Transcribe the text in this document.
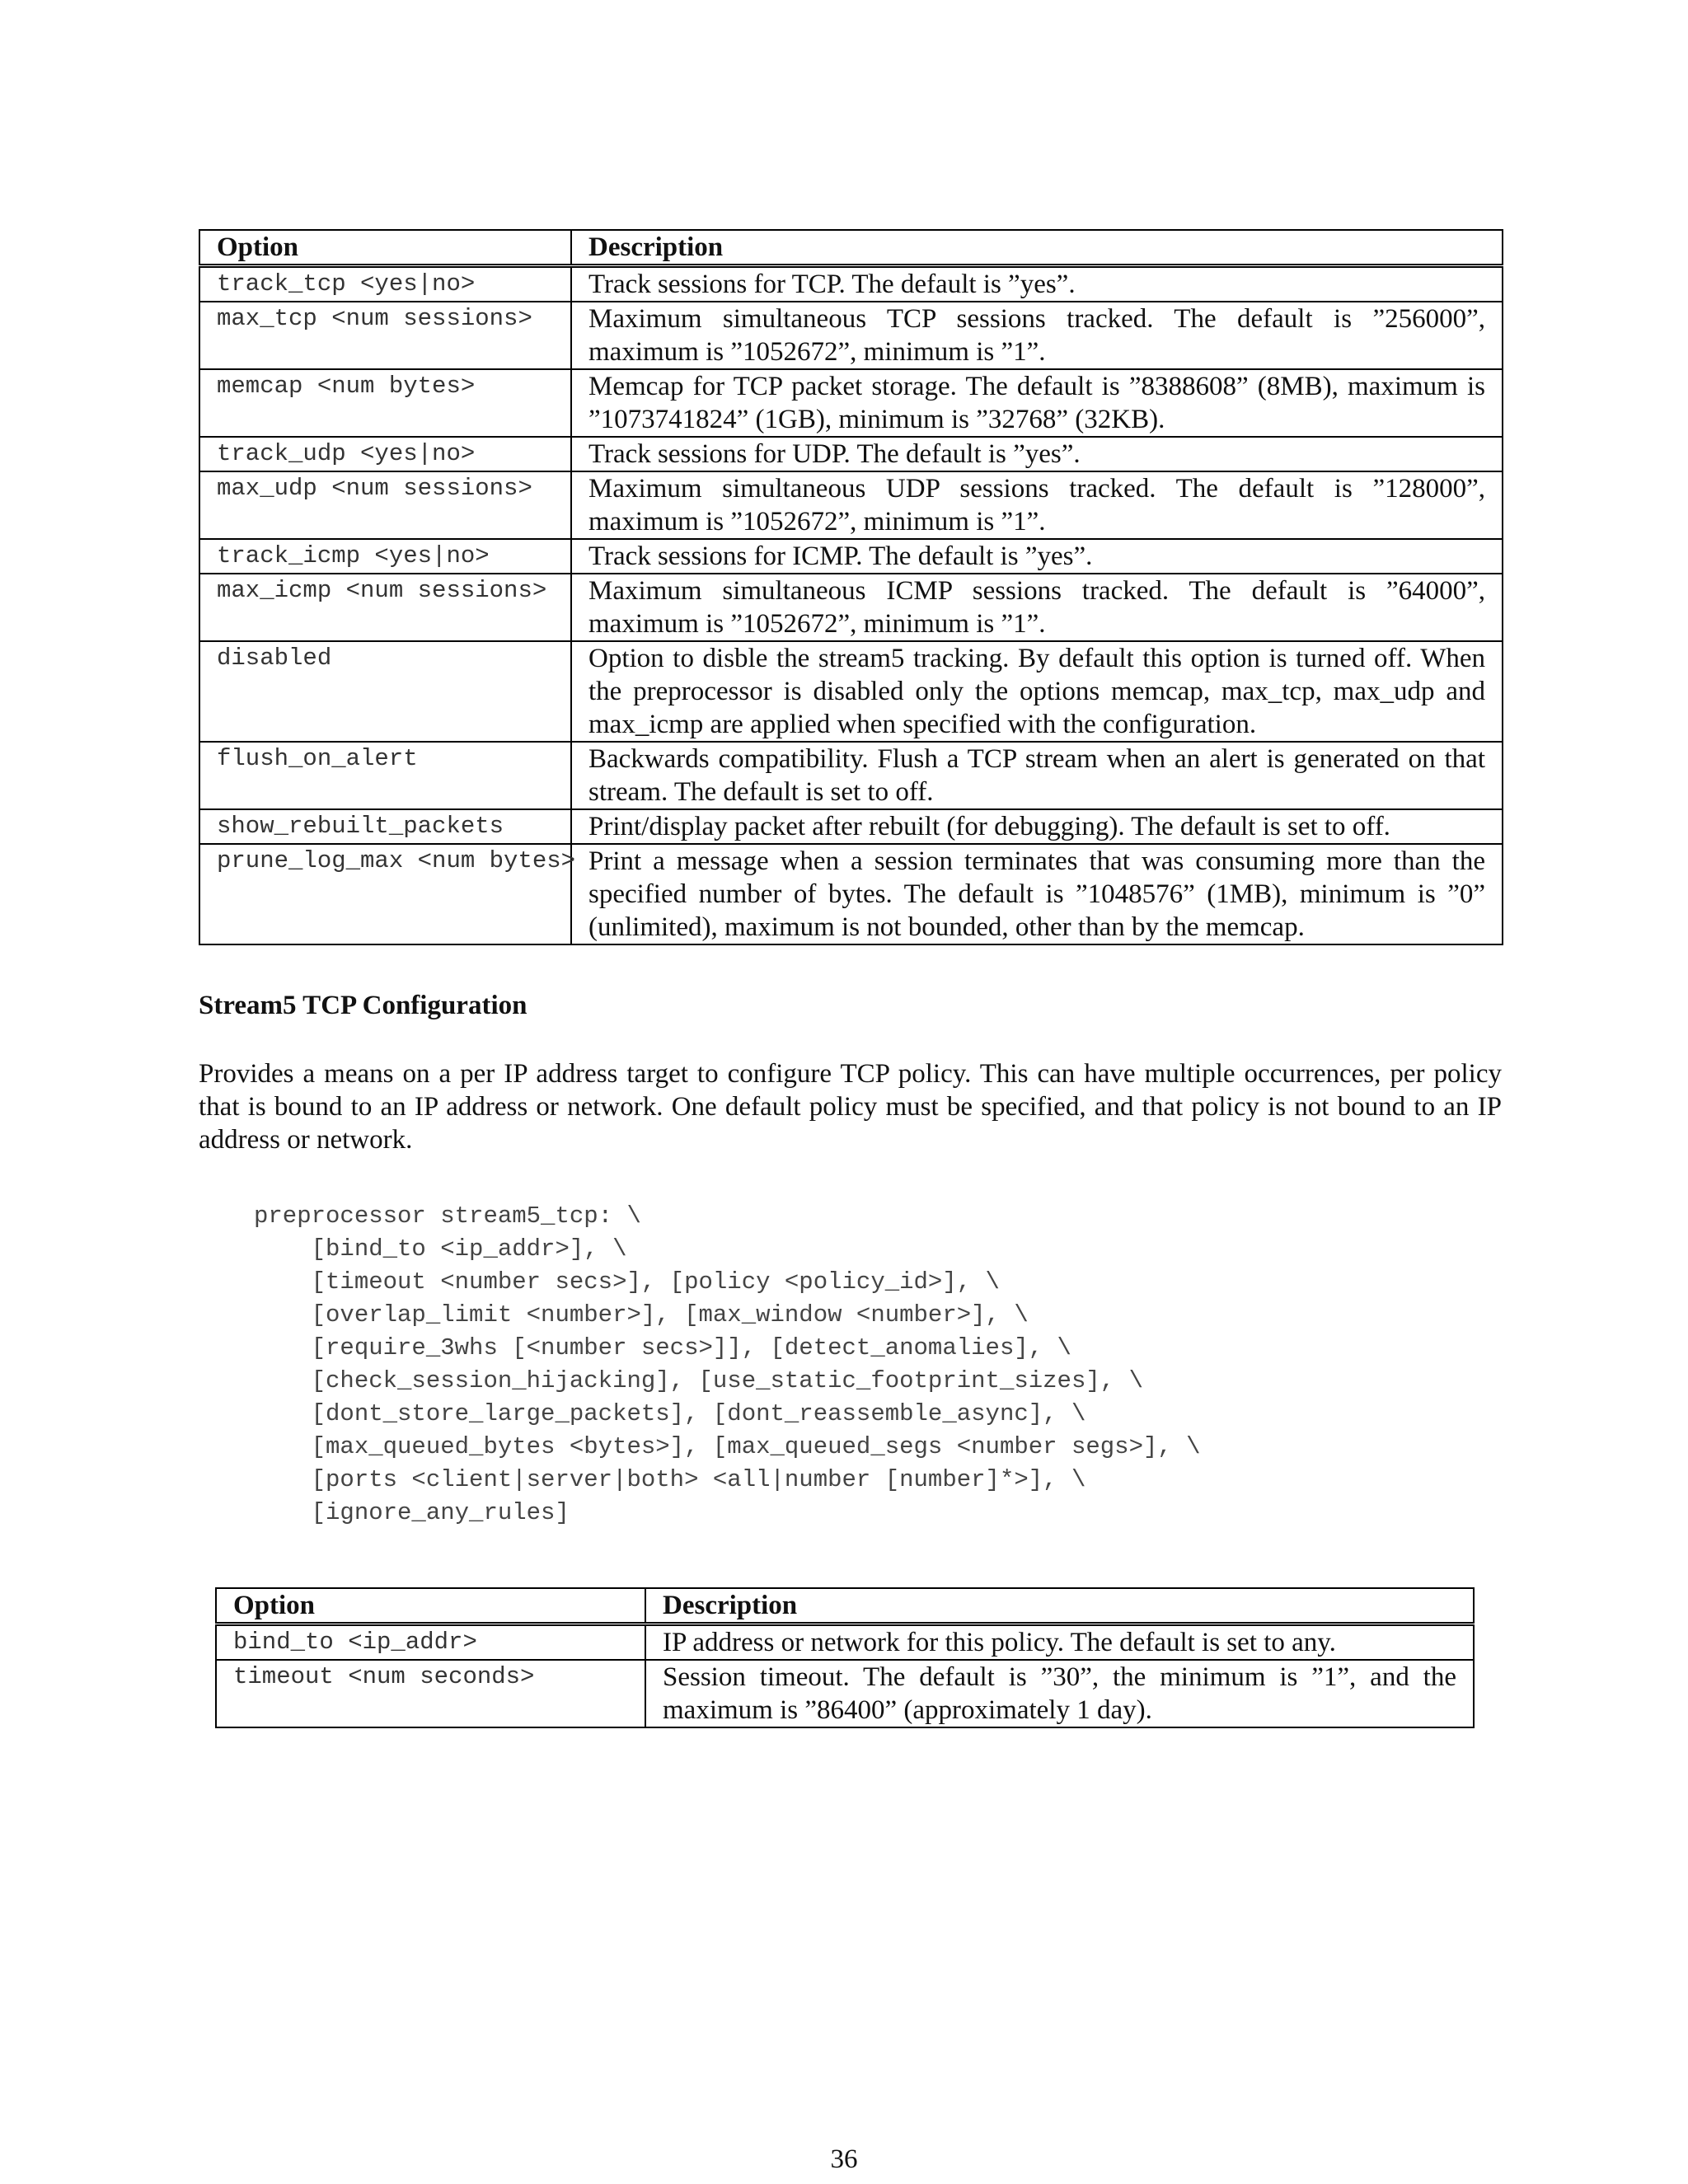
Option	Description
track_tcp <yes|no>	Track sessions for TCP. The default is ”yes”.
max_tcp <num sessions>	Maximum simultaneous TCP sessions tracked. The default is ”256000”, maximum is ”1052672”, minimum is ”1”.
memcap <num bytes>	Memcap for TCP packet storage. The default is ”8388608” (8MB), maximum is ”1073741824” (1GB), minimum is ”32768” (32KB).
track_udp <yes|no>	Track sessions for UDP. The default is ”yes”.
max_udp <num sessions>	Maximum simultaneous UDP sessions tracked. The default is ”128000”, maximum is ”1052672”, minimum is ”1”.
track_icmp <yes|no>	Track sessions for ICMP. The default is ”yes”.
max_icmp <num sessions>	Maximum simultaneous ICMP sessions tracked. The default is ”64000”, maximum is ”1052672”, minimum is ”1”.
disabled	Option to disble the stream5 tracking. By default this option is turned off. When the preprocessor is disabled only the options memcap, max_tcp, max_udp and max_icmp are applied when specified with the configuration.
flush_on_alert	Backwards compatibility. Flush a TCP stream when an alert is generated on that stream. The default is set to off.
show_rebuilt_packets	Print/display packet after rebuilt (for debugging). The default is set to off.
prune_log_max <num bytes>	Print a message when a session terminates that was consuming more than the specified number of bytes. The default is ”1048576” (1MB), minimum is ”0” (unlimited), maximum is not bounded, other than by the memcap.
Stream5 TCP Configuration
Provides a means on a per IP address target to configure TCP policy. This can have multiple occurrences, per policy that is bound to an IP address or network. One default policy must be specified, and that policy is not bound to an IP address or network.
preprocessor stream5_tcp: \
[bind_to <ip_addr>], \
[timeout <number secs>], [policy <policy_id>], \
[overlap_limit <number>], [max_window <number>], \
[require_3whs [<number secs>]], [detect_anomalies], \
[check_session_hijacking], [use_static_footprint_sizes], \
[dont_store_large_packets], [dont_reassemble_async], \
[max_queued_bytes <bytes>], [max_queued_segs <number segs>], \
[ports <client|server|both> <all|number [number]*>], \
[ignore_any_rules]
Option	Description
bind_to <ip_addr>	IP address or network for this policy. The default is set to any.
timeout <num seconds>	Session timeout. The default is ”30”, the minimum is ”1”, and the maximum is ”86400” (approximately 1 day).
36
